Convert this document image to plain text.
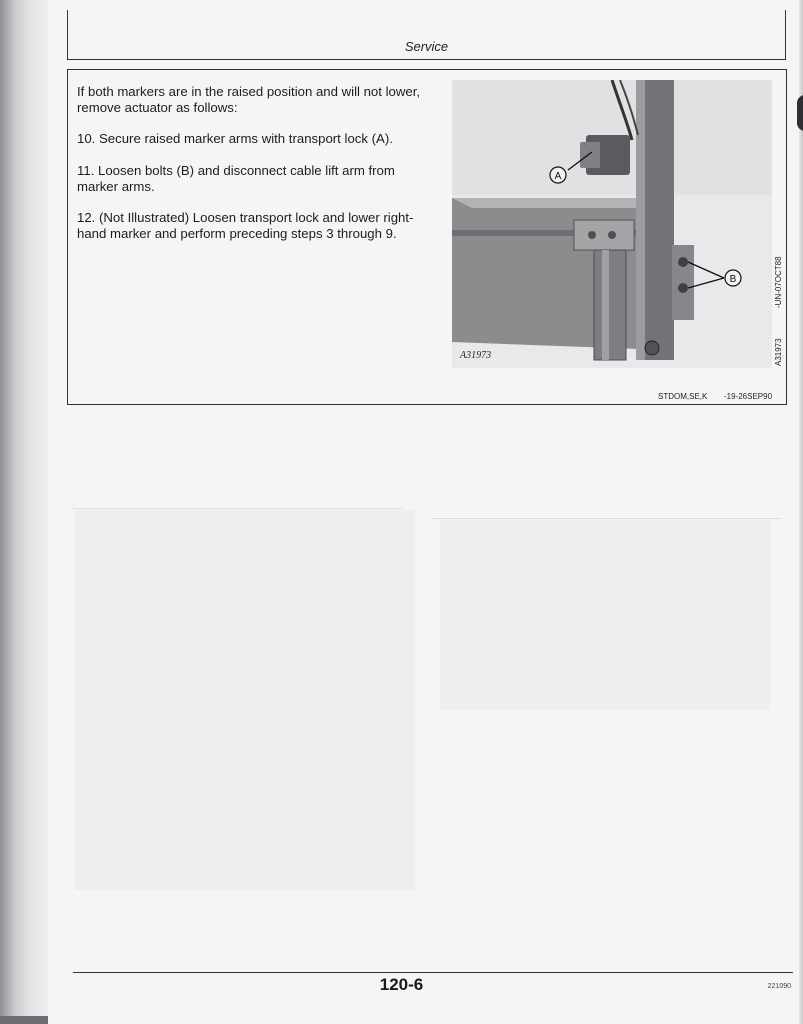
Service

If both markers are in the raised position and will not lower, remove actuator as follows:

10. Secure raised marker arms with transport lock (A).

11. Loosen bolts (B) and disconnect cable lift arm from marker arms.

12. (Not Illustrated) Loosen transport lock and lower right-hand marker and perform preceding steps 3 through 9.

A
B
A31973
-UN-07OCT88
A31973
STDOM,SE,K -19-26SEP90
120-6	221090
